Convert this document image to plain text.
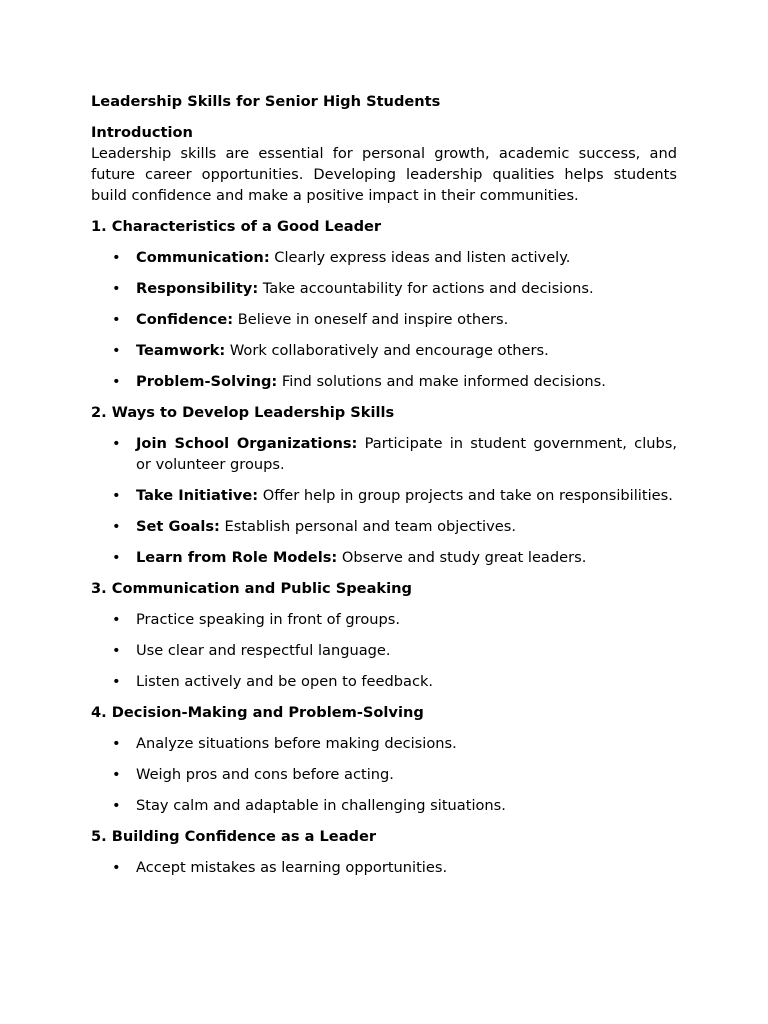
Leadership Skills for Senior High Students

Introduction

Leadership skills are essential for personal growth, academic success, and future career opportunities. Developing leadership qualities helps students build confidence and make a positive impact in their communities.

1. Characteristics of a Good Leader

• Communication: Clearly express ideas and listen actively.
• Responsibility: Take accountability for actions and decisions.
• Confidence: Believe in oneself and inspire others.
• Teamwork: Work collaboratively and encourage others.
• Problem-Solving: Find solutions and make informed decisions.

2. Ways to Develop Leadership Skills

• Join School Organizations: Participate in student government, clubs, or volunteer groups.
• Take Initiative: Offer help in group projects and take on responsibilities.
• Set Goals: Establish personal and team objectives.
• Learn from Role Models: Observe and study great leaders.

3. Communication and Public Speaking

• Practice speaking in front of groups.
• Use clear and respectful language.
• Listen actively and be open to feedback.

4. Decision-Making and Problem-Solving

• Analyze situations before making decisions.
• Weigh pros and cons before acting.
• Stay calm and adaptable in challenging situations.

5. Building Confidence as a Leader

• Accept mistakes as learning opportunities.
